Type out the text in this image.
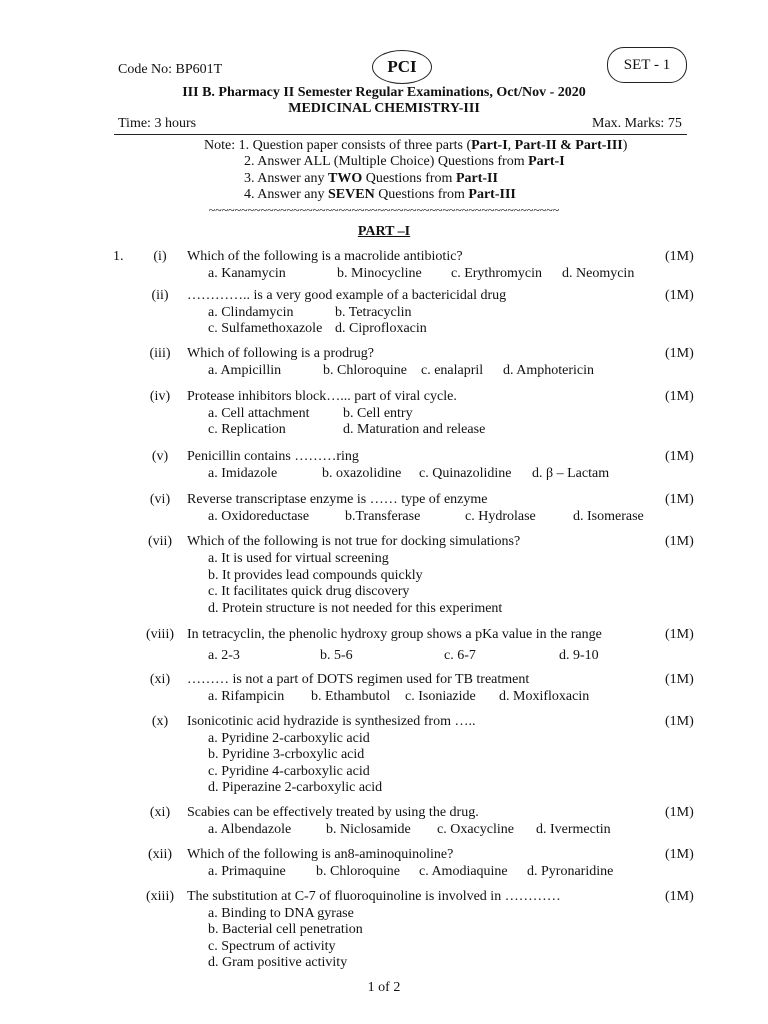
Code No: BP601T	PCI	SET - 1
III B. Pharmacy II Semester Regular Examinations, Oct/Nov - 2020
MEDICINAL CHEMISTRY-III
Time: 3 hours	Max. Marks: 75
Note: 1. Question paper consists of three parts (Part-I, Part-II & Part-III)
2. Answer ALL (Multiple Choice) Questions from Part-I
3. Answer any TWO Questions from Part-II
4. Answer any SEVEN Questions from Part-III
~~~~~~~~~~~~~~~~~~~~~~~~~~~~~~~~~~~~~~~~~~~~~~~~~~~~~~
PART –I
1.	(i)	Which of the following is a macrolide antibiotic?	(1M)
a. Kanamycin	b. Minocycline c. Erythromycin d. Neomycin
(ii)	………….. is a very good example of a bactericidal drug	(1M)
a. Clindamycin	b. Tetracyclin
c. Sulfamethoxazole d. Ciprofloxacin
(iii)	Which of following is a prodrug?	(1M)
a. Ampicillin	b. Chloroquine c. enalapril d. Amphotericin
(iv)	Protease inhibitors block…... part of viral cycle.	(1M)
a. Cell attachment b. Cell entry
c. Replication	d. Maturation and release
(v)	Penicillin contains ………ring	(1M)
a. Imidazole	b. oxazolidine c. Quinazolidine d. β – Lactam
(vi)	Reverse transcriptase enzyme is …… type of enzyme	(1M)
a. Oxidoreductase	b.Transferase	c. Hydrolase	d. Isomerase
(vii)	Which of the following is not true for docking simulations?	(1M)
a. It is used for virtual screening
b. It provides lead compounds quickly
c. It facilitates quick drug discovery
d. Protein structure is not needed for this experiment
(viii) In tetracyclin, the phenolic hydroxy group shows a pKa value in the range	(1M)
a. 2-3	b. 5-6	c. 6-7	d. 9-10
(xi)	……… is not a part of DOTS regimen used for TB treatment	(1M)
a. Rifampicin b. Ethambutol c. Isoniazide d. Moxifloxacin
(x)	Isonicotinic acid hydrazide is synthesized from …..	(1M)
a. Pyridine 2-carboxylic acid
b. Pyridine 3-crboxylic acid
c. Pyridine 4-carboxylic acid
d. Piperazine 2-carboxylic acid
(xi)	Scabies can be effectively treated by using the drug.	(1M)
a. Albendazole b. Niclosamide c. Oxacycline d. Ivermectin
(xii)	Which of the following is an8-aminoquinoline?	(1M)
a. Primaquine b. Chloroquine c. Amodiaquine d. Pyronaridine
(xiii) The substitution at C-7 of fluoroquinoline is involved in …………	(1M)
a. Binding to DNA gyrase
b. Bacterial cell penetration
c. Spectrum of activity
d. Gram positive activity
1 of 2
